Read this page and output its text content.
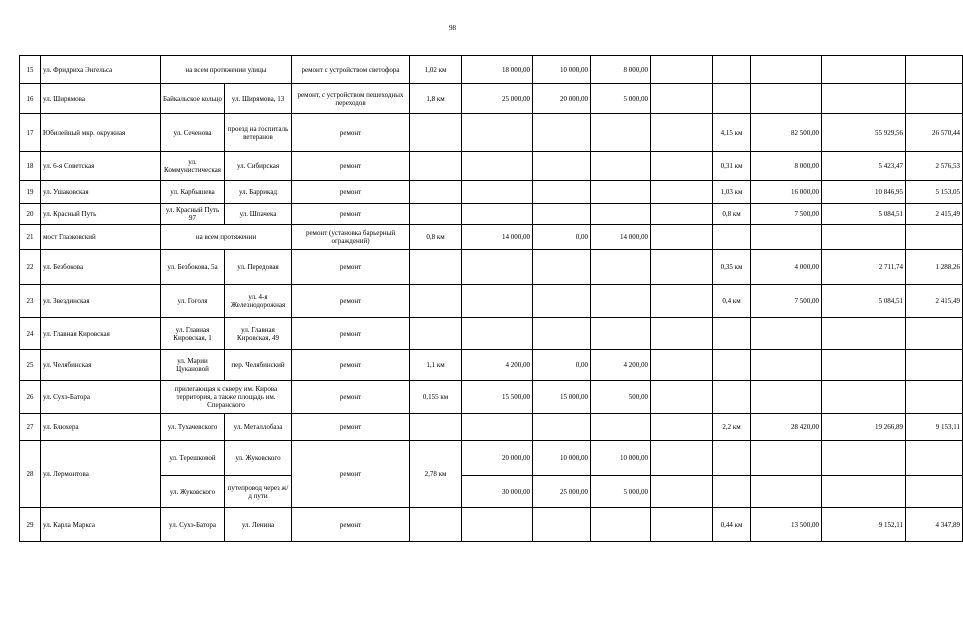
98
15	ул. Фридриха Энгельса	на всем протяжении улицы		ремонт с устройством светофора	1,02 км	18 000,00	10 000,00	8 000,00					
16	ул. Ширямова	Байкальское кольцо	ул. Ширямова, 13	ремонт, с устройством пешеходных переходов	1,8 км	25 000,00	20 000,00	5 000,00					
17	Юбилейный мкр. окружная	ул. Сеченова	проезд на госпиталь ветеранов	ремонт						4,15 км	82 500,00	55 929,56	26 570,44
18	ул. 6-я Советская	ул. Коммунистическая	ул. Сибирская	ремонт						0,31 км	8 000,00	5 423,47	2 576,53
19	ул. Ушаковская	ул. Карбышева	ул. Баррикад	ремонт						1,03 км	16 000,00	10 846,95	5 153,05
20	ул. Красный Путь	ул. Красный Путь 97	ул. Шпачека	ремонт						0,8 км	7 500,00	5 084,51	2 415,49
21	мост Глазковский	на всем протяжении		ремонт (установка барьерный ограждений)	0,8 км	14 000,00	0,00	14 000,00					
22	ул. Безбокова	ул. Безбокова, 5а	ул. Передовая	ремонт						0,35 км	4 000,00	2 711,74	1 288,26
23	ул. Звездинская	ул. Гоголя	ул. 4-я Железнодорожная	ремонт						0,4 км	7 500,00	5 084,51	2 415,49
24	ул. Главная Кировская	ул. Главная Кировская, 1	ул. Главная Кировская, 49	ремонт									
25	ул. Челябинская	ул. Марии Цукановой	пер. Челябинский	ремонт	1,1 км	4 200,00	0,00	4 200,00					
26	ул. Сухэ-Батора	прилегающая к скверу им. Кирова территория, а также площадь им. Сперанского		ремонт	0,155 км	15 500,00	15 000,00	500,00					
27	ул. Блюхера	ул. Тухачевского	ул. Металлобаза	ремонт						2,2 км	28 420,00	19 266,89	9 153,11
28	ул. Лермонтова	ул. Терешковой	ул. Жуковского	ремонт	2,78 км	20 000,00	10 000,00	10 000,00					
		ул. Жуковского	путепровод через ж/д пути			30 000,00	25 000,00	5 000,00					
29	ул. Карла Маркса	ул. Сухэ-Батора	ул. Ленина	ремонт						0,44 км	13 500,00	9 152,11	4 347,89
